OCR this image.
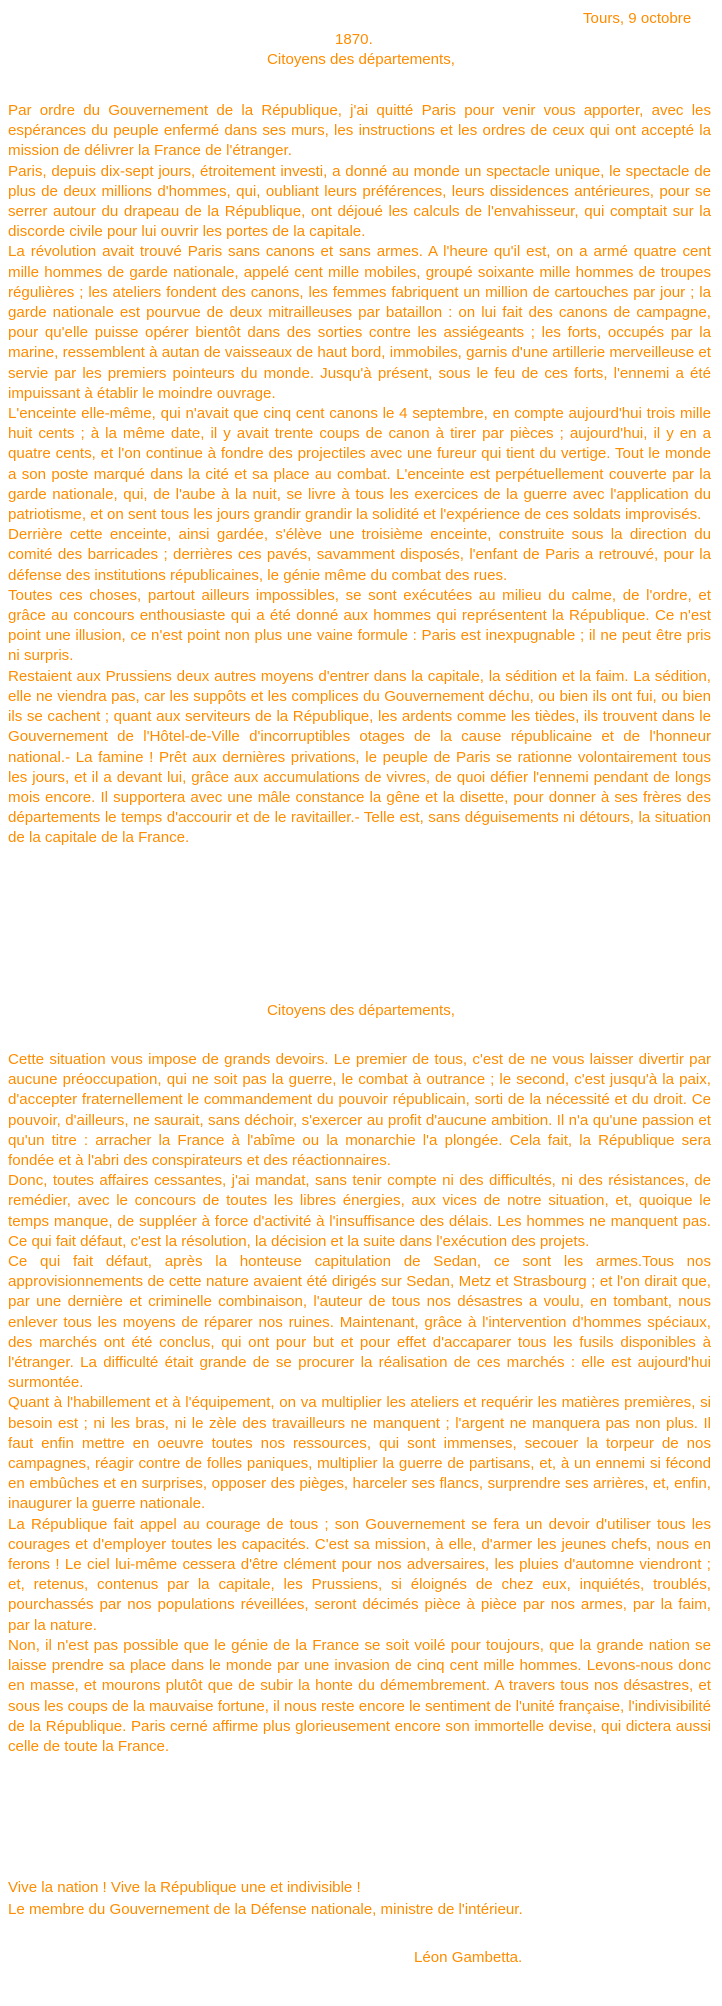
Tours, 9 octobre

1870.

Citoyens des départements,

Par ordre du Gouvernement de la République, j'ai quitté Paris pour venir vous apporter, avec les espérances du peuple enfermé dans ses murs, les instructions et les ordres de ceux qui ont accepté la mission de délivrer la France de l'étranger.

Paris, depuis dix-sept jours, étroitement investi, a donné au monde un spectacle unique, le spectacle de plus de deux millions d'hommes, qui, oubliant leurs préférences, leurs dissidences antérieures, pour se serrer autour du drapeau de la République, ont déjoué les calculs de l'envahisseur, qui comptait sur la discorde civile pour lui ouvrir les portes de la capitale.

La révolution avait trouvé Paris sans canons et sans armes. A l'heure qu'il est, on a armé quatre cent mille hommes de garde nationale, appelé cent mille mobiles, groupé soixante mille hommes de troupes régulières ; les ateliers fondent des canons, les femmes fabriquent un million de cartouches par jour ; la garde nationale est pourvue de deux mitrailleuses par bataillon : on lui fait des canons de campagne, pour qu'elle puisse opérer bientôt dans des sorties contre les assiégeants ; les forts, occupés par la marine, ressemblent à autan de vaisseaux de haut bord, immobiles, garnis d'une artillerie merveilleuse et servie par les premiers pointeurs du monde. Jusqu'à présent, sous le feu de ces forts, l'ennemi a été impuissant à établir le moindre ouvrage.

L'enceinte elle-même, qui n'avait que cinq cent canons le 4 septembre, en compte aujourd'hui trois mille huit cents ; à la même date, il y avait trente coups de canon à tirer par pièces ; aujourd'hui, il y en a quatre cents, et l'on continue à fondre des projectiles avec une fureur qui tient du vertige. Tout le monde a son poste marqué dans la cité et sa place au combat. L'enceinte est perpétuellement couverte par la garde nationale, qui, de l'aube à la nuit, se livre à tous les exercices de la guerre avec l'application du patriotisme, et on sent tous les jours grandir grandir la solidité et l'expérience de ces soldats improvisés.

Derrière cette enceinte, ainsi gardée, s'élève une troisième enceinte, construite sous la direction du comité des barricades ; derrières ces pavés, savamment disposés, l'enfant de Paris a retrouvé, pour la défense des institutions républicaines, le génie même du combat des rues.

Toutes ces choses, partout ailleurs impossibles, se sont exécutées au milieu du calme, de l'ordre, et grâce au concours enthousiaste qui a été donné aux hommes qui représentent la République. Ce n'est point une illusion, ce n'est point non plus une vaine formule : Paris est inexpugnable ; il ne peut être pris ni surpris.

Restaient aux Prussiens deux autres moyens d'entrer dans la capitale, la sédition et la faim. La sédition, elle ne viendra pas, car les suppôts et les complices du Gouvernement déchu, ou bien ils ont fui, ou bien ils se cachent ; quant aux serviteurs de la République, les ardents comme les tièdes, ils trouvent dans le Gouvernement de l'Hôtel-de-Ville d'incorruptibles otages de la cause républicaine et de l'honneur national.- La famine ! Prêt aux dernières privations, le peuple de Paris se rationne volontairement tous les jours, et il a devant lui, grâce aux accumulations de vivres, de quoi défier l'ennemi pendant de longs mois encore. Il supportera avec une mâle constance la gêne et la disette, pour donner à ses frères des départements le temps d'accourir et de le ravitailler.- Telle est, sans déguisements ni détours, la situation de la capitale de la France.

Citoyens des départements,

Cette situation vous impose de grands devoirs. Le premier de tous, c'est de ne vous laisser divertir par aucune préoccupation, qui ne soit pas la guerre, le combat à outrance ; le second, c'est jusqu'à la paix, d'accepter fraternellement le commandement du pouvoir républicain, sorti de la nécessité et du droit. Ce pouvoir, d'ailleurs, ne saurait, sans déchoir, s'exercer au profit d'aucune ambition. Il n'a qu'une passion et qu'un titre : arracher la France à l'abîme ou la monarchie l'a plongée. Cela fait, la République sera fondée et à l'abri des conspirateurs et des réactionnaires.

Donc, toutes affaires cessantes, j'ai mandat, sans tenir compte ni des difficultés, ni des résistances, de remédier, avec le concours de toutes les libres énergies, aux vices de notre situation, et, quoique le temps manque, de suppléer à force d'activité à l'insuffisance des délais. Les hommes ne manquent pas. Ce qui fait défaut, c'est la résolution, la décision et la suite dans l'exécution des projets.

Ce qui fait défaut, après la honteuse capitulation de Sedan, ce sont les armes.Tous nos approvisionnements de cette nature avaient été dirigés sur Sedan, Metz et Strasbourg ; et l'on dirait que, par une dernière et criminelle combinaison, l'auteur de tous nos désastres a voulu, en tombant, nous enlever tous les moyens de réparer nos ruines. Maintenant, grâce à l'intervention d'hommes spéciaux, des marchés ont été conclus, qui ont pour but et pour effet d'accaparer tous les fusils disponibles à l'étranger. La difficulté était grande de se procurer la réalisation de ces marchés : elle est aujourd'hui surmontée.

Quant à l'habillement et à l'équipement, on va multiplier les ateliers et requérir les matières premières, si besoin est ; ni les bras, ni le zèle des travailleurs ne manquent ; l'argent ne manquera pas non plus. Il faut enfin mettre en oeuvre toutes nos ressources, qui sont immenses, secouer la torpeur de nos campagnes, réagir contre de folles paniques, multiplier la guerre de partisans, et, à un ennemi si fécond en embûches et en surprises, opposer des pièges, harceler ses flancs, surprendre ses arrières, et, enfin, inaugurer la guerre nationale.

La République fait appel au courage de tous ; son Gouvernement se fera un devoir d'utiliser tous les courages et d'employer toutes les capacités. C'est sa mission, à elle, d'armer les jeunes chefs, nous en ferons ! Le ciel lui-même cessera d'être clément pour nos adversaires, les pluies d'automne viendront ; et, retenus, contenus par la capitale, les Prussiens, si éloignés de chez eux, inquiétés, troublés, pourchassés par nos populations réveillées, seront décimés pièce à pièce par nos armes, par la faim, par la nature.

Non, il n'est pas possible que le génie de la France se soit voilé pour toujours, que la grande nation se laisse prendre sa place dans le monde par une invasion de cinq cent mille hommes. Levons-nous donc en masse, et mourons plutôt que de subir la honte du démembrement. A travers tous nos désastres, et sous les coups de la mauvaise fortune, il nous reste encore le sentiment de l'unité française, l'indivisibilité de la République. Paris cerné affirme plus glorieusement encore son immortelle devise, qui dictera aussi celle de toute la France.

Vive la nation ! Vive la République une et indivisible !

Le membre du Gouvernement de la Défense nationale, ministre de l'intérieur.

Léon Gambetta.
